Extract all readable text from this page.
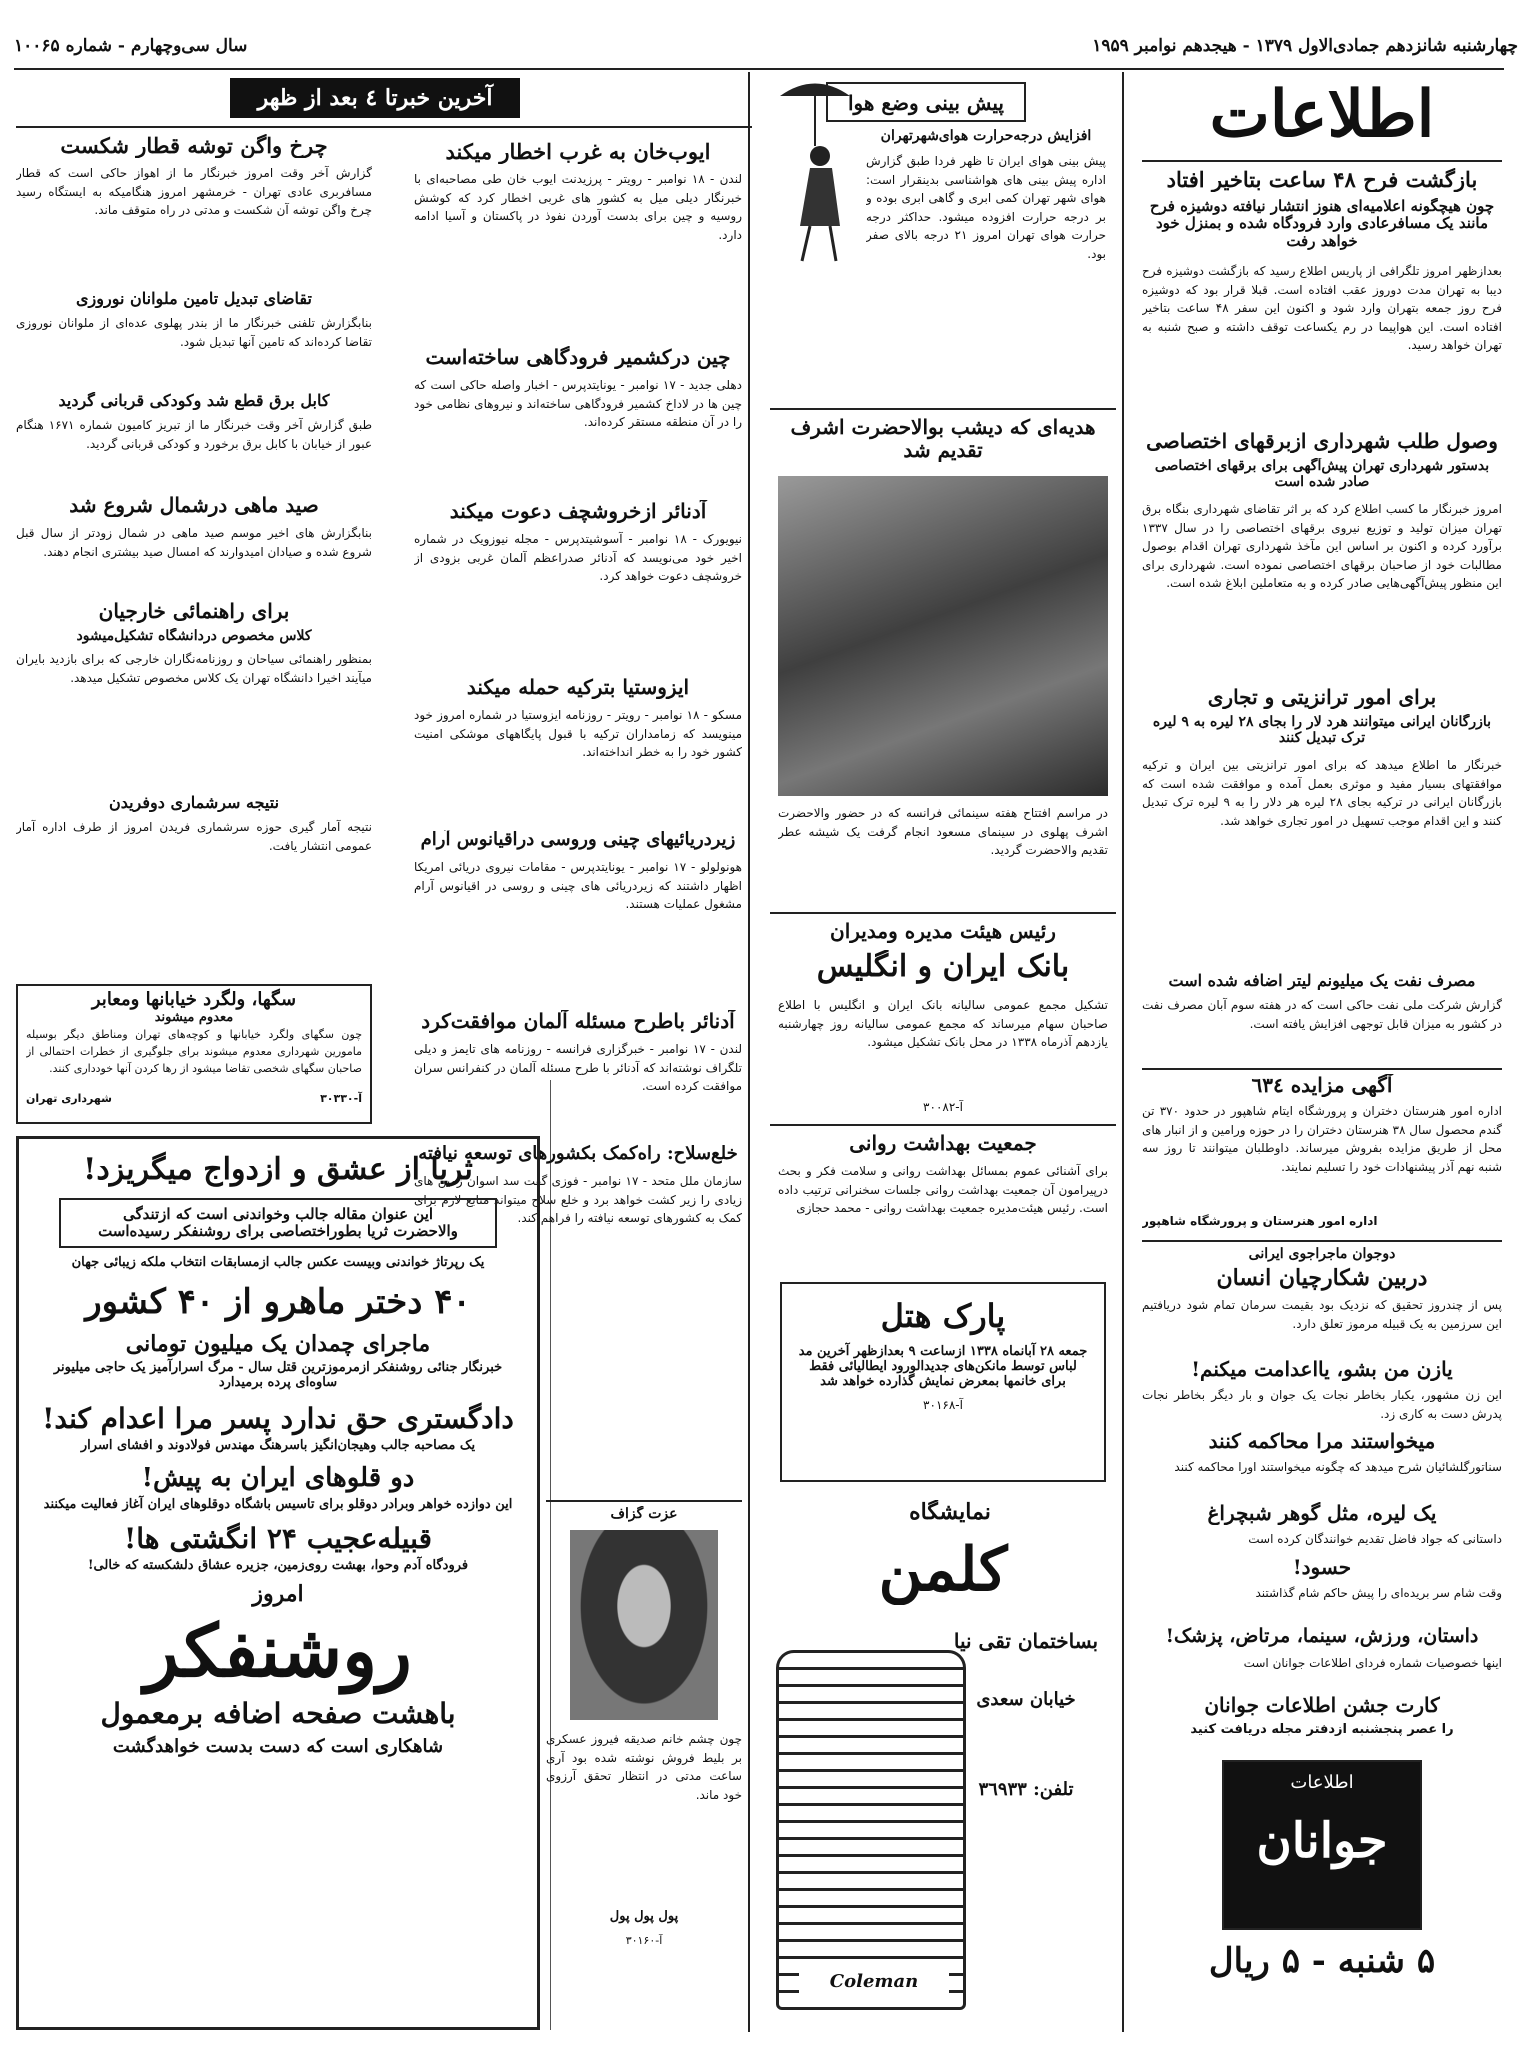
چهارشنبه شانزدهم جمادی‌الاول ۱۳۷۹ - هیجدهم نوامبر ۱۹۵۹
سال سی‌وچهارم - شماره ۱۰۰۶۵
اطلاعات
بازگشت فرح ۴۸ ساعت بتاخیر افتاد
چون هیچگونه اعلامیه‌ای هنوز انتشار نیافته دوشیزه فرح مانند یک مسافرعادی وارد فرودگاه شده و بمنزل خود خواهد رفت
بعدازظهر امروز تلگرافی از پاریس اطلاع رسید که بازگشت دوشیزه فرح دیبا به تهران مدت دوروز عقب افتاده است. قبلا قرار بود که دوشیزه فرح روز جمعه بتهران وارد شود و اکنون این سفر ۴۸ ساعت بتاخیر افتاده است. این هواپیما در رم یکساعت توقف داشته و صبح شنبه به تهران خواهد رسید.
وصول طلب شهرداری ازبرقهای اختصاصی
بدستور شهرداری تهران پیش‌آگهی برای برقهای اختصاصی صادر شده است
امروز خبرنگار ما کسب اطلاع کرد که بر اثر تقاضای شهرداری بنگاه برق تهران میزان تولید و توزیع نیروی برقهای اختصاصی را در سال ۱۳۳۷ برآورد کرده و اکنون بر اساس این مآخذ شهرداری تهران اقدام بوصول مطالبات خود از صاحبان برقهای اختصاصی نموده است. شهرداری برای این منظور پیش‌آگهی‌هایی صادر کرده و به متعاملین ابلاغ شده است.
برای امور ترانزیتی و تجاری
بازرگانان ایرانی میتوانند هرد لار را بجای ۲۸ لیره به ۹ لیره ترک تبدیل کنند
خبرنگار ما اطلاع میدهد که برای امور ترانزیتی بین ایران و ترکیه موافقتهای بسیار مفید و موثری بعمل آمده و موافقت شده است که بازرگانان ایرانی در ترکیه بجای ۲۸ لیره هر دلار را به ۹ لیره ترک تبدیل کنند و این اقدام موجب تسهیل در امور تجاری خواهد شد.
مصرف نفت یک میلیونم لیتر اضافه شده است
گزارش شرکت ملی نفت حاکی است که در هفته سوم آبان مصرف نفت در کشور به میزان قابل توجهی افزایش یافته است.
آگهی مزایده ٦٣٤
اداره امور هنرستان دختران و پرورشگاه ایتام شاهپور در حدود ۳۷۰ تن گندم محصول سال ۳۸ هنرستان دختران را در حوزه ورامین و از انبار های محل از طریق مزایده بفروش میرساند. داوطلبان میتوانند تا روز سه شنبه نهم آذر پیشنهادات خود را تسلیم نمایند.
اداره امور هنرستان و پرورشگاه شاهپور
دوجوان ماجراجوی ایرانی
دربین شکارچیان انسان
پس از چندروز تحقیق که نزدیک بود بقیمت سرمان تمام شود دریافتیم این سرزمین به یک قبیله مرموز تعلق دارد.
یازن من بشو، یااعدامت میکنم!
این زن مشهور، یکبار بخاطر نجات یک جوان و بار دیگر بخاطر نجات پدرش دست به کاری زد.
میخواستند مرا محاکمه کنند
سناتورگلشائیان شرح میدهد که چگونه میخواستند اورا محاکمه کنند
یک لیره، مثل گوهر شبچراغ
داستانی که جواد فاضل تقدیم خوانندگان کرده است
حسود!
وقت شام سر بریده‌ای را پیش حاکم شام گذاشتند
داستان، ورزش، سینما، مرتاض، پزشک!
اینها خصوصیات شماره فردای اطلاعات جوانان است
کارت جشن اطلاعات جوانان
را عصر پنجشنبه ازدفتر مجله دریافت کنید
اطلاعات
جوانان
۵ شنبه - ۵ ریال
پیش بینی وضع هوا
افزایش درجه‌حرارت هوای‌شهرتهران
پیش بینی هوای ایران تا ظهر فردا طبق گزارش اداره پیش بینی های هواشناسی بدینقرار است: هوای شهر تهران کمی ابری و گاهی ابری بوده و بر درجه حرارت افزوده میشود. حداکثر درجه حرارت هوای تهران امروز ۲۱ درجه بالای صفر بود.
هدیه‌ای که دیشب بوالاحضرت اشرف تقدیم شد
در مراسم افتتاح هفته سینمائی فرانسه که در حضور والاحضرت اشرف پهلوی در سینمای مسعود انجام گرفت یک شیشه عطر تقدیم والاحضرت گردید.
رئیس هیئت مدیره ومدیران
بانک ایران و انگلیس
تشکیل مجمع عمومی سالیانه بانک ایران و انگلیس با اطلاع صاحبان سهام میرساند که مجمع عمومی سالیانه روز چهارشنبه یازدهم آذرماه ۱۳۳۸ در محل بانک تشکیل میشود.
آ-۳۰۰۸۲
جمعیت بهداشت روانی
برای آشنائی عموم بمسائل بهداشت روانی و سلامت فکر و بحث درپیرامون آن جمعیت بهداشت روانی جلسات سخنرانی ترتیب داده است. رئیس هیئت‌مدیره جمعیت بهداشت روانی - محمد حجازی
پارک هتل
جمعه ۲۸ آبانماه ۱۳۳۸ ازساعت ۹ بعدازظهر آخرین مد لباس توسط مانکن‌های جدیدالورود ایطالیائی فقط برای خانمها بمعرض نمایش گذارده خواهد شد
آ-۳۰۱۶۸
نمایشگاه
کلمن
بساختمان تقی نیا
خیابان سعدی
تلفن: ٣٦٩٣٣
Coleman
ایوب‌خان به غرب اخطار میکند
لندن - ۱۸ نوامبر - رویتر - پرزیدنت ایوب خان طی مصاحبه‌ای با خبرنگار دیلی میل به کشور های غربی اخطار کرد که کوشش روسیه و چین برای بدست آوردن نفوذ در پاکستان و آسیا ادامه دارد.
چین درکشمیر فرودگاهی ساخته‌است
دهلی جدید - ۱۷ نوامبر - یونایتدپرس - اخبار واصله حاکی است که چین ها در لاداخ کشمیر فرودگاهی ساخته‌اند و نیروهای نظامی خود را در آن منطقه مستقر کرده‌اند.
آدنائر ازخروشچف دعوت میکند
نیویورک - ۱۸ نوامبر - آسوشیتدپرس - مجله نیوزویک در شماره اخیر خود می‌نویسد که آدنائر صدراعظم آلمان غربی بزودی از خروشچف دعوت خواهد کرد.
ایزوستیا بترکیه حمله میکند
مسکو - ۱۸ نوامبر - رویتر - روزنامه ایزوستیا در شماره امروز خود مینویسد که زمامداران ترکیه با قبول پایگاههای موشکی امنیت کشور خود را به خطر انداخته‌اند.
زیردریائیهای چینی وروسی دراقیانوس آرام
هونولولو - ۱۷ نوامبر - یونایتدپرس - مقامات نیروی دریائی امریکا اظهار داشتند که زیردریائی های چینی و روسی در اقیانوس آرام مشغول عملیات هستند.
آدنائر باطرح مسئله آلمان موافقت‌کرد
لندن - ۱۷ نوامبر - خبرگزاری فرانسه - روزنامه های تایمز و دیلی تلگراف نوشته‌اند که آدنائر با طرح مسئله آلمان در کنفرانس سران موافقت کرده است.
خلع‌سلاح: راه‌کمک بکشورهای توسعه نیافته
سازمان ملل متحد - ۱۷ نوامبر - فوزی گفت سد اسوان زمین های زیادی را زیر کشت خواهد برد و خلع سلاح میتواند منابع لازم برای کمک به کشورهای توسعه نیافته را فراهم کند.
عزت گزاف
چون چشم خانم صدیقه فیروز عسکری بر بلیط فروش نوشته شده بود آری ساعت مدتی در انتظار تحقق آرزوی خود ماند.
پول پول پول
آ-۳۰۱۶۰
آخرین خبرتا ٤ بعد از ظهر
چرخ واگن توشه قطار شکست
گزارش آخر وقت امروز خبرنگار ما از اهواز حاکی است که قطار مسافربری عادی تهران - خرمشهر امروز هنگامیکه به ایستگاه رسید چرخ واگن توشه آن شکست و مدتی در راه متوقف ماند.
تقاضای تبدیل تامین ملوانان نوروزی
بنابگزارش تلفنی خبرنگار ما از بندر پهلوی عده‌ای از ملوانان نوروزی تقاضا کرده‌اند که تامین آنها تبدیل شود.
کابل برق قطع شد وکودکی قربانی گردید
طبق گزارش آخر وقت خبرنگار ما از تبریز کامیون شماره ۱۶۷۱ هنگام عبور از خیابان با کابل برق برخورد و کودکی قربانی گردید.
صید ماهی درشمال شروع شد
بنابگزارش های اخیر موسم صید ماهی در شمال زودتر از سال قبل شروع شده و صیادان امیدوارند که امسال صید بیشتری انجام دهند.
برای راهنمائی خارجیان
کلاس مخصوص دردانشگاه تشکیل‌میشود
بمنظور راهنمائی سیاحان و روزنامه‌نگاران خارجی که برای بازدید بایران میآیند اخیرا دانشگاه تهران یک کلاس مخصوص تشکیل میدهد.
نتیجه سرشماری دوفریدن
نتیجه آمار گیری حوزه سرشماری فریدن امروز از طرف اداره آمار عمومی انتشار یافت.
سگها، ولگرد خیابانها ومعابر
معدوم میشوند
چون سگهای ولگرد خیابانها و کوچه‌های تهران ومناطق دیگر بوسیله مامورین شهرداری معدوم میشوند برای جلوگیری از خطرات احتمالی از صاحبان سگهای شخصی تقاضا میشود از رها کردن آنها خودداری کنند.
آ-۳۰۳۳۰
شهرداری تهران
ثریا از عشق و ازدواج میگریزد!
این عنوان مقاله جالب وخواندنی است که ازتندگی
والاحضرت ثریا بطوراختصاصی برای روشنفکر رسیده‌است
یک رپرتاژ خواندنی وبیست عکس جالب ازمسابقات انتخاب ملکه زیبائی جهان
۴۰ دختر ماهرو از ۴۰ کشور
ماجرای چمدان یک میلیون تومانی
خبرنگار جنائی روشنفکر ازمرموزترین قتل سال - مرگ اسرارآمیز یک حاجی میلیونر ساوه‌ای پرده برمیدارد
دادگستری حق ندارد پسر مرا اعدام کند!
یک مصاحبه جالب وهیجان‌انگیز باسرهنگ مهندس فولادوند و افشای اسرار
دو قلوهای ایران به پیش!
این دوازده خواهر وبرادر دوقلو برای تاسیس باشگاه دوقلوهای ایران آغاز فعالیت میکنند
قبیله‌عجیب ۲۴ انگشتی ها!
فرودگاه آدم وحوا، بهشت روی‌زمین، جزیره عشاق دلشکسته که خالی!
امروز
روشنفکر
باهشت صفحه اضافه برمعمول
شاهکاری است که دست بدست خواهدگشت
